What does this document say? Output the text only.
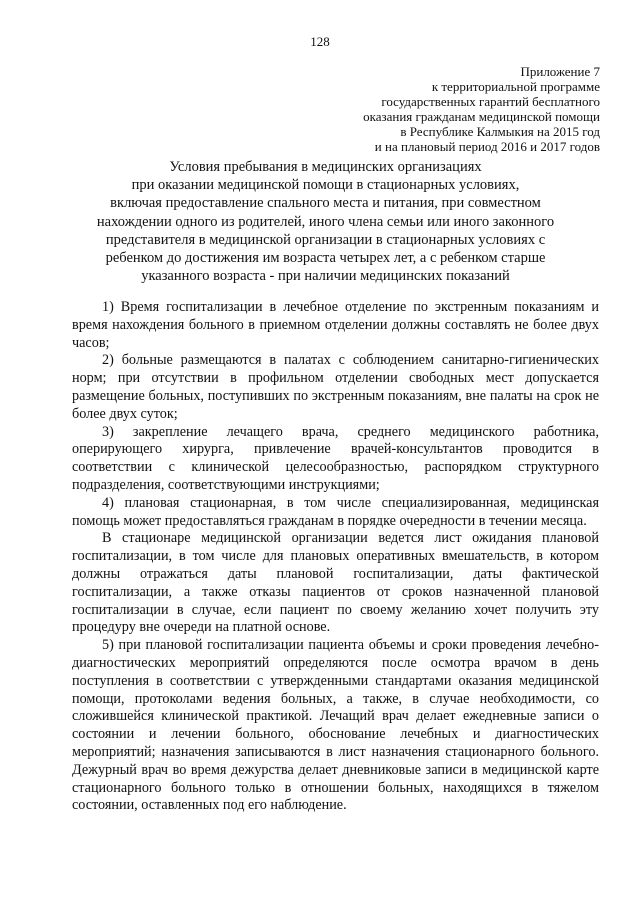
128
Приложение 7
к территориальной программе
государственных гарантий бесплатного
оказания гражданам медицинской помощи
в Республике Калмыкия на 2015 год
и на плановый период 2016 и 2017 годов
Условия пребывания в медицинских организациях
при оказании медицинской помощи в стационарных условиях,
включая предоставление спального места и питания, при совместном
нахождении одного из родителей, иного члена семьи или иного законного
представителя в медицинской организации в стационарных условиях с
ребенком до достижения им возраста четырех лет, а с ребенком старше
указанного возраста - при наличии медицинских показаний

1) Время госпитализации в лечебное отделение по экстренным показаниям и время нахождения больного в приемном отделении должны составлять не более двух часов;

2) больные размещаются в палатах с соблюдением санитарно-гигиенических норм; при отсутствии в профильном отделении свободных мест допускается размещение больных, поступивших по экстренным показаниям, вне палаты на срок не более двух суток;

3) закрепление лечащего врача, среднего медицинского работника, оперирующего хирурга, привлечение врачей-консультантов проводится в соответствии с клинической целесообразностью, распорядком структурного подразделения, соответствующими инструкциями;

4) плановая стационарная, в том числе специализированная, медицинская помощь может предоставляться гражданам в порядке очередности в течении месяца.

В стационаре медицинской организации ведется лист ожидания плановой госпитализации, в том числе для плановых оперативных вмешательств, в котором должны отражаться даты плановой госпитализации, даты фактической госпитализации, а также отказы пациентов от сроков назначенной плановой госпитализации в случае, если пациент по своему желанию хочет получить эту процедуру вне очереди на платной основе.

5) при плановой госпитализации пациента объемы и сроки проведения лечебно-диагностических мероприятий определяются после осмотра врачом в день поступления в соответствии с утвержденными стандартами оказания медицинской помощи, протоколами ведения больных, а также, в случае необходимости, со сложившейся клинической практикой. Лечащий врач делает ежедневные записи о состоянии и лечении больного, обоснование лечебных и диагностических мероприятий; назначения записываются в лист назначения стационарного больного. Дежурный врач во время дежурства делает дневниковые записи в медицинской карте стационарного больного только в отношении больных, находящихся в тяжелом состоянии, оставленных под его наблюдение.
